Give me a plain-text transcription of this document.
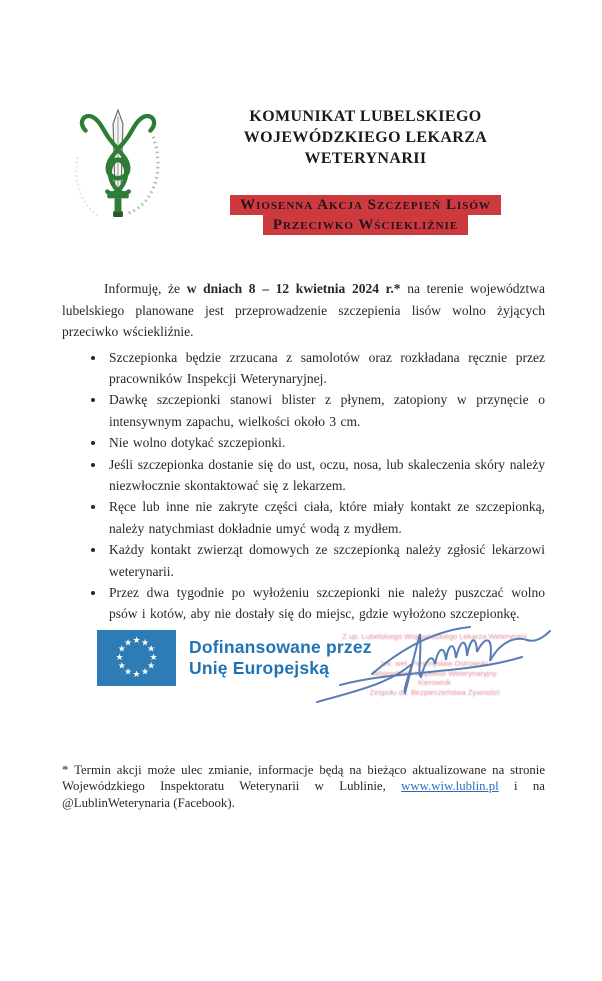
KOMUNIKAT LUBELSKIEGO
WOJEWÓDZKIEGO LEKARZA WETERYNARII
Wiosenna Akcja Szczepień Lisów
Przeciwko Wściekliźnie

Informuję, że w dniach 8 – 12 kwietnia 2024 r.* na terenie województwa lubelskiego planowane jest przeprowadzenie szczepienia lisów wolno żyjących przeciwko wściekliźnie.

• Szczepionka będzie zrzucana z samolotów oraz rozkładana ręcznie przez pracowników Inspekcji Weterynaryjnej.
• Dawkę szczepionki stanowi blister z płynem, zatopiony w przynęcie o intensywnym zapachu, wielkości około 3 cm.
• Nie wolno dotykać szczepionki.
• Jeśli szczepionka dostanie się do ust, oczu, nosa, lub skaleczenia skóry należy niezwłocznie skontaktować się z lekarzem.
• Ręce lub inne nie zakryte części ciała, które miały kontakt ze szczepionką, należy natychmiast dokładnie umyć wodą z mydłem.
• Każdy kontakt zwierząt domowych ze szczepionką należy zgłosić lekarzowi weterynarii.
• Przez dwa tygodnie po wyłożeniu szczepionki nie należy puszczać wolno psów i kotów, aby nie dostały się do miejsc, gdzie wyłożono szczepionkę.
★ ★
★
★
★
★
★
★
★
★
★
★	Dofinansowane przez
Unię Europejską
Z up. Lubelskiego Wojewódzkiego Lekarza Weterynarii
lek. wet. Przemysław Ostrowski
Wojewódzki Inspektor Weterynaryjny
Kierownik
Zespołu ds. Bezpieczeństwa Żywności
* Termin akcji może ulec zmianie, informacje będą na bieżąco aktualizowane na stronie Wojewódzkiego Inspektoratu Weterynarii w Lublinie, www.wiw.lublin.pl i na @LublinWeterynaria (Facebook).
